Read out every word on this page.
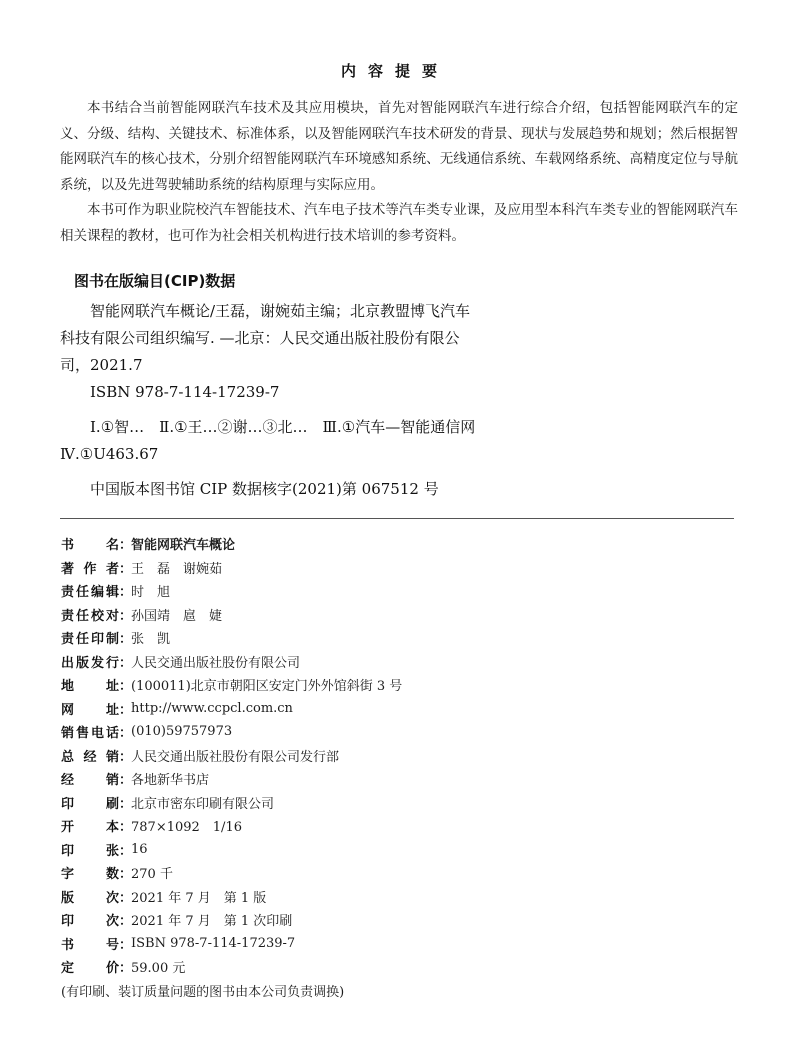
内容提要

本书结合当前智能网联汽车技术及其应用模块，首先对智能网联汽车进行综合介绍，包括智能网联汽车的定义、分级、结构、关键技术、标准体系，以及智能网联汽车技术研发的背景、现状与发展趋势和规划；然后根据智能网联汽车的核心技术，分别介绍智能网联汽车环境感知系统、无线通信系统、车载网络系统、高精度定位与导航系统，以及先进驾驶辅助系统的结构原理与实际应用。

本书可作为职业院校汽车智能技术、汽车电子技术等汽车类专业课，及应用型本科汽车类专业的智能网联汽车相关课程的教材，也可作为社会相关机构进行技术培训的参考资料。

图书在版编目(CIP)数据

智能网联汽车概论/王磊，谢婉茹主编；北京教盟博飞汽车科技有限公司组织编写. —北京：人民交通出版社股份有限公司，2021.7

ISBN 978-7-114-17239-7

Ⅰ.①智…　Ⅱ.①王…②谢…③北…　Ⅲ.①汽车—智能通信网　Ⅳ.①U463.67

中国版本图书馆 CIP 数据核字(2021)第 067512 号

书 名 ：
智能网联汽车概论
著 作 者 ：
王　磊　谢婉茹
责 任 编 辑 ：
时　旭
责 任 校 对 ：
孙国靖　扈　婕
责 任 印 制 ：
张　凯
出 版 发 行 ：
人民交通出版社股份有限公司
地 址 ：
(100011)北京市朝阳区安定门外外馆斜街 3 号
网 址 ：
http://www.ccpcl.com.cn
销 售 电 话 ：
(010)59757973
总 经 销 ：
人民交通出版社股份有限公司发行部
经 销 ：
各地新华书店
印 刷 ：
北京市密东印刷有限公司
开 本 ：
787×1092　1/16
印 张 ：
16
字 数 ：
270 千
版 次 ：
2021 年 7 月　第 1 版
印 次 ：
2021 年 7 月　第 1 次印刷
书 号 ：
ISBN 978-7-114-17239-7
定 价 ：
59.00 元
(有印刷、装订质量问题的图书由本公司负责调换)
